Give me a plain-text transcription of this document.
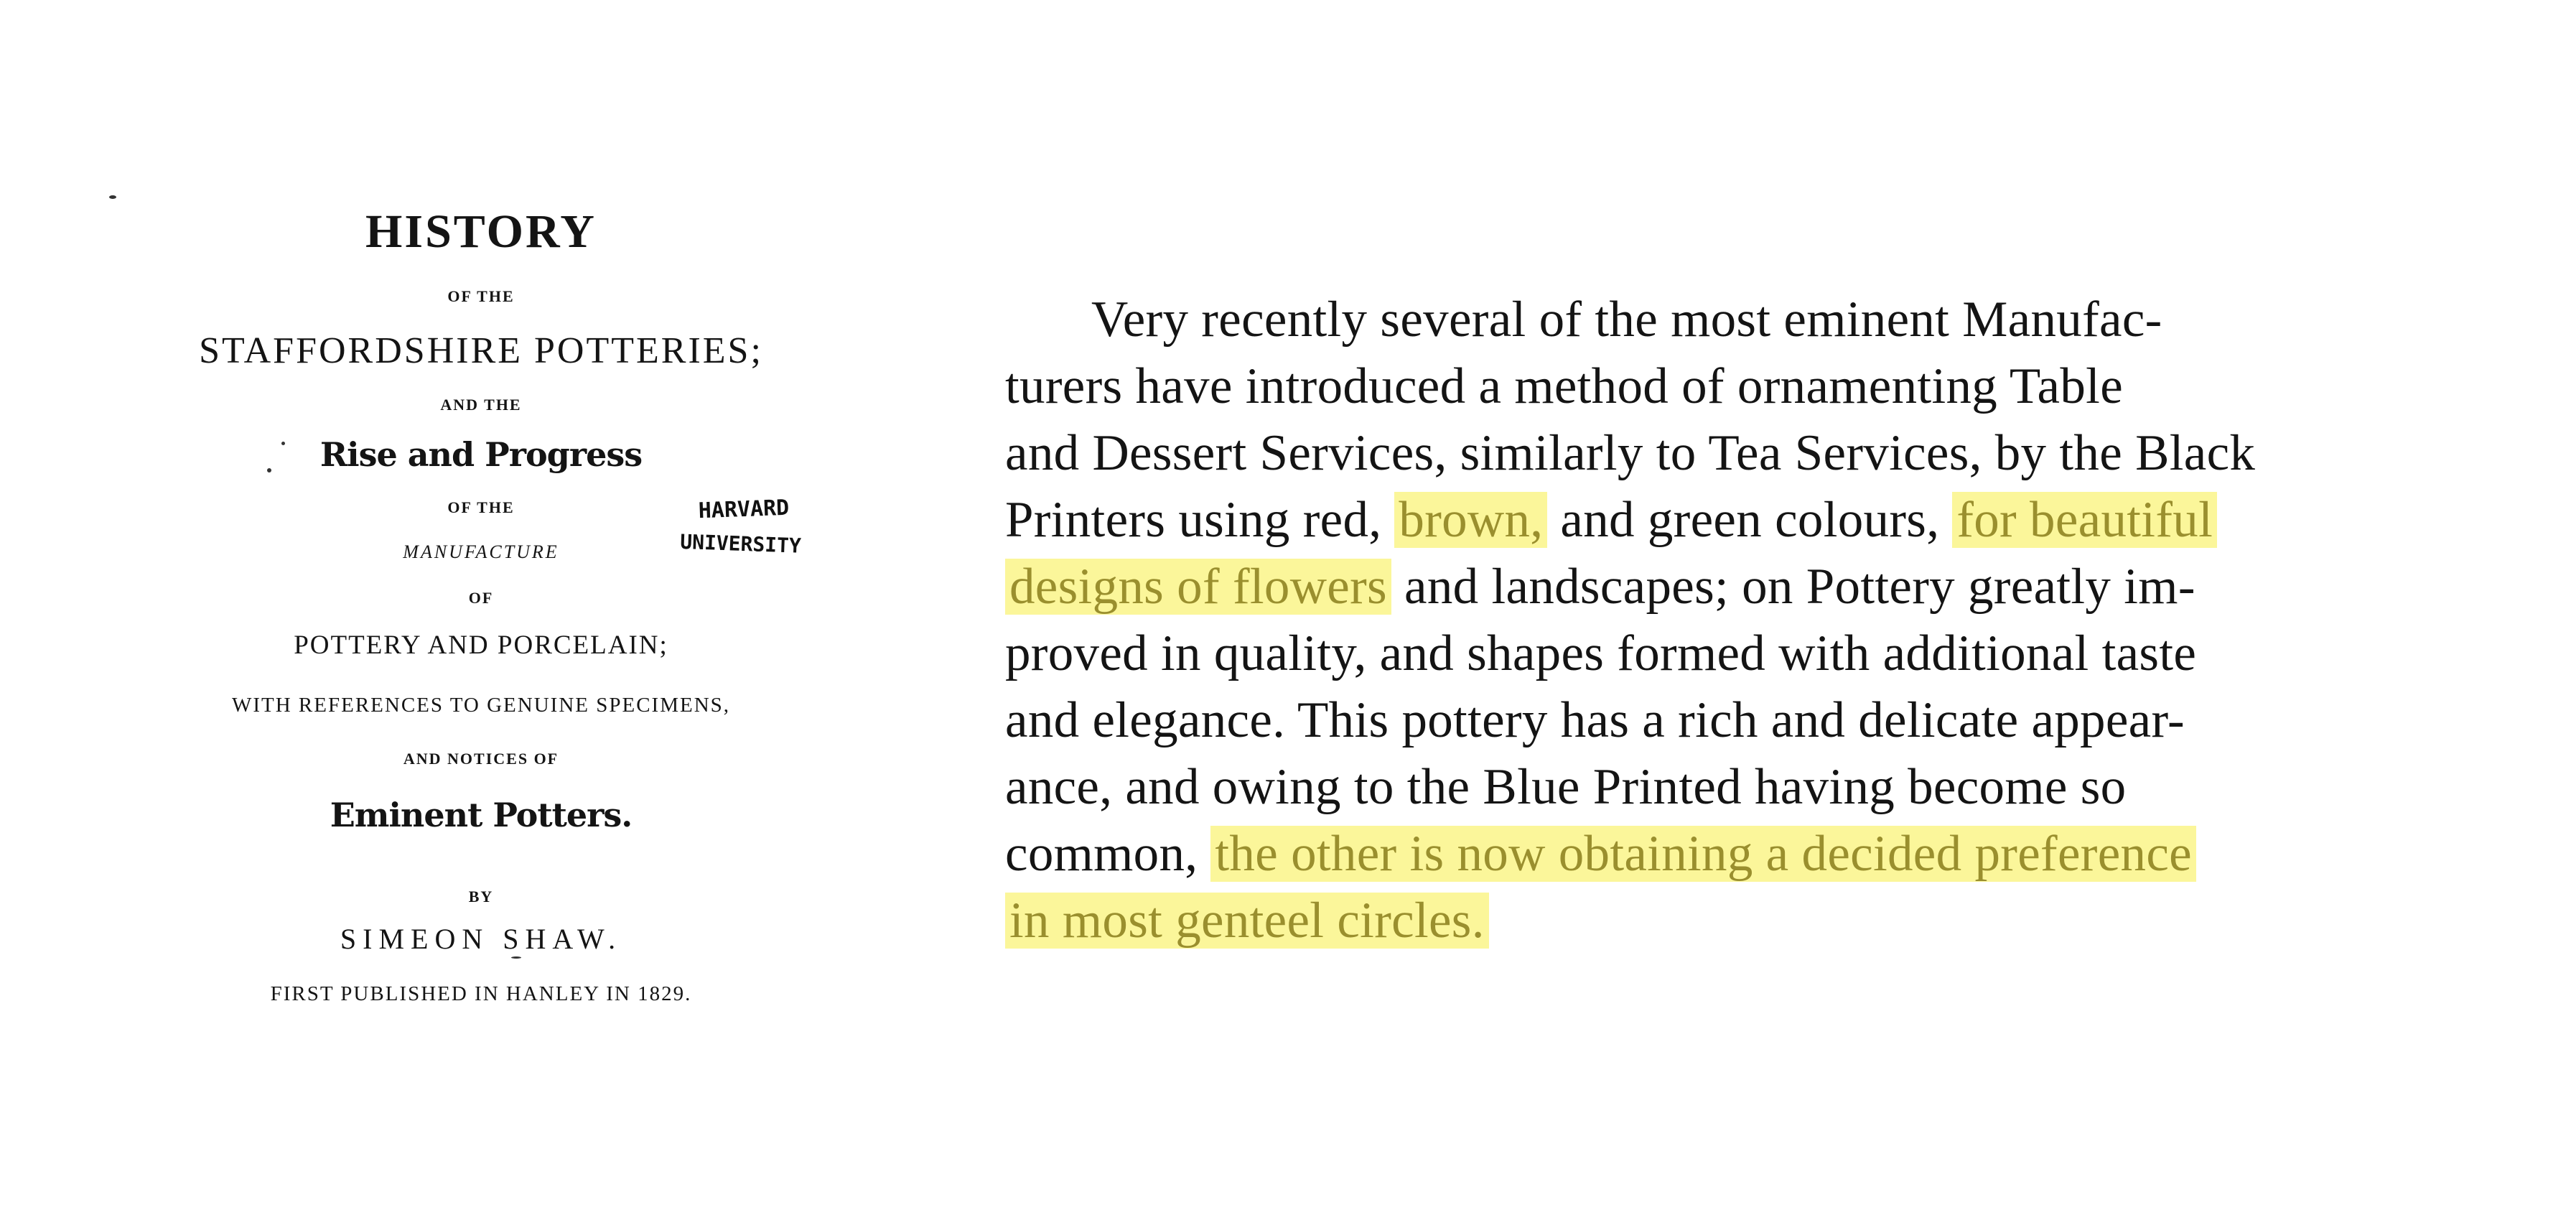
HISTORY
OF THE
STAFFORDSHIRE POTTERIES;
AND THE
Rise and Progress
OF THE
MANUFACTURE
OF
POTTERY AND PORCELAIN;
WITH REFERENCES TO GENUINE SPECIMENS,
AND NOTICES OF
Eminent Potters.
BY
SIMEON SHAW.
FIRST PUBLISHED IN HANLEY IN 1829.
HARVARD
UNIVERSITY
Very recently several of the most eminent Manufac-
turers have introduced a method of ornamenting Table
and Dessert Services, similarly to Tea Services, by the Black
Printers using red, brown, and green colours, for beautiful
designs of flowers and landscapes; on Pottery greatly im-
proved in quality, and shapes formed with additional taste
and elegance. This pottery has a rich and delicate appear-
ance, and owing to the Blue Printed having become so
common, the other is now obtaining a decided preference
in most genteel circles.
